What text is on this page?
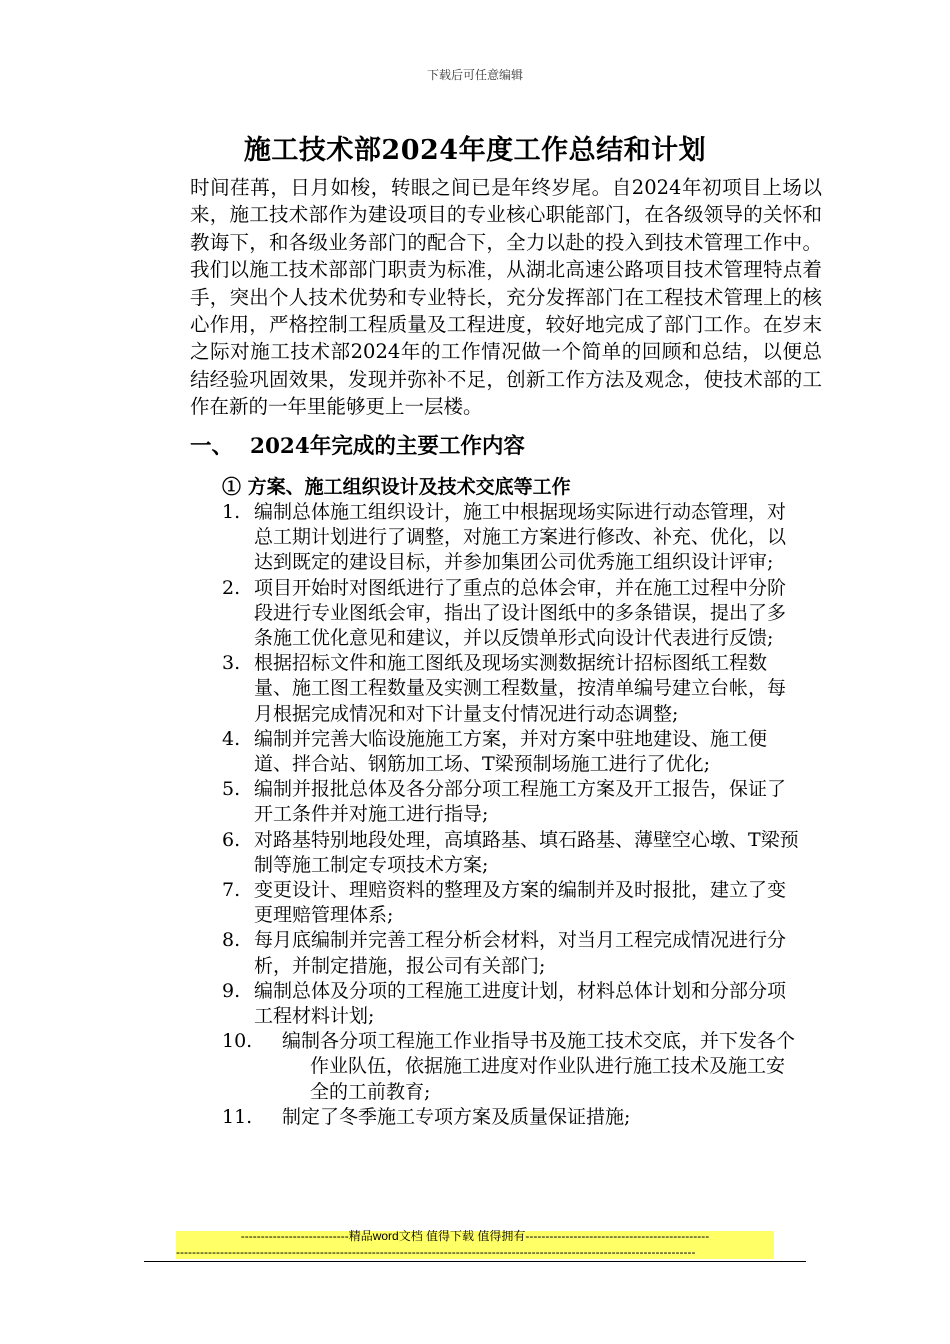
下载后可任意编辑
施工技术部2024年度工作总结和计划

时间荏苒，日月如梭，转眼之间已是年终岁尾。自2024年初项目上场以来，施工技术部作为建设项目的专业核心职能部门，在各级领导的关怀和教诲下，和各级业务部门的配合下，全力以赴的投入到技术管理工作中。我们以施工技术部部门职责为标准，从湖北高速公路项目技术管理特点着手，突出个人技术优势和专业特长，充分发挥部门在工程技术管理上的核心作用，严格控制工程质量及工程进度，较好地完成了部门工作。在岁末之际对施工技术部2024年的工作情况做一个简单的回顾和总结，以便总结经验巩固效果，发现并弥补不足，创新工作方法及观念，使技术部的工作在新的一年里能够更上一层楼。

一、 2024年完成的主要工作内容
① 方案、施工组织设计及技术交底等工作
1. 编制总体施工组织设计，施工中根据现场实际进行动态管理，对总工期计划进行了调整，对施工方案进行修改、补充、优化，以达到既定的建设目标，并参加集团公司优秀施工组织设计评审;
2. 项目开始时对图纸进行了重点的总体会审，并在施工过程中分阶段进行专业图纸会审，指出了设计图纸中的多条错误，提出了多条施工优化意见和建议，并以反馈单形式向设计代表进行反馈;
3. 根据招标文件和施工图纸及现场实测数据统计招标图纸工程数量、施工图工程数量及实测工程数量，按清单编号建立台帐，每月根据完成情况和对下计量支付情况进行动态调整;
4. 编制并完善大临设施施工方案，并对方案中驻地建设、施工便道、拌合站、钢筋加工场、T梁预制场施工进行了优化;
5. 编制并报批总体及各分部分项工程施工方案及开工报告，保证了开工条件并对施工进行指导;
6. 对路基特别地段处理，高填路基、填石路基、薄壁空心墩、T梁预制等施工制定专项技术方案;
7. 变更设计、理赔资料的整理及方案的编制并及时报批，建立了变更理赔管理体系;
8. 每月底编制并完善工程分析会材料，对当月工程完成情况进行分析，并制定措施，报公司有关部门;
9. 编制总体及分项的工程施工进度计划，材料总体计划和分部分项工程材料计划;
10.	编制各分项工程施工作业指导书及施工技术交底，并下发各个作业队伍，依据施工进度对作业队进行施工技术及施工安全的工前教育;
11.	制定了冬季施工专项方案及质量保证措施;
---------------------------精品word文档 值得下载 值得拥有----------------------------------------------
----------------------------------------------------------------------------------------------------------------------------------
